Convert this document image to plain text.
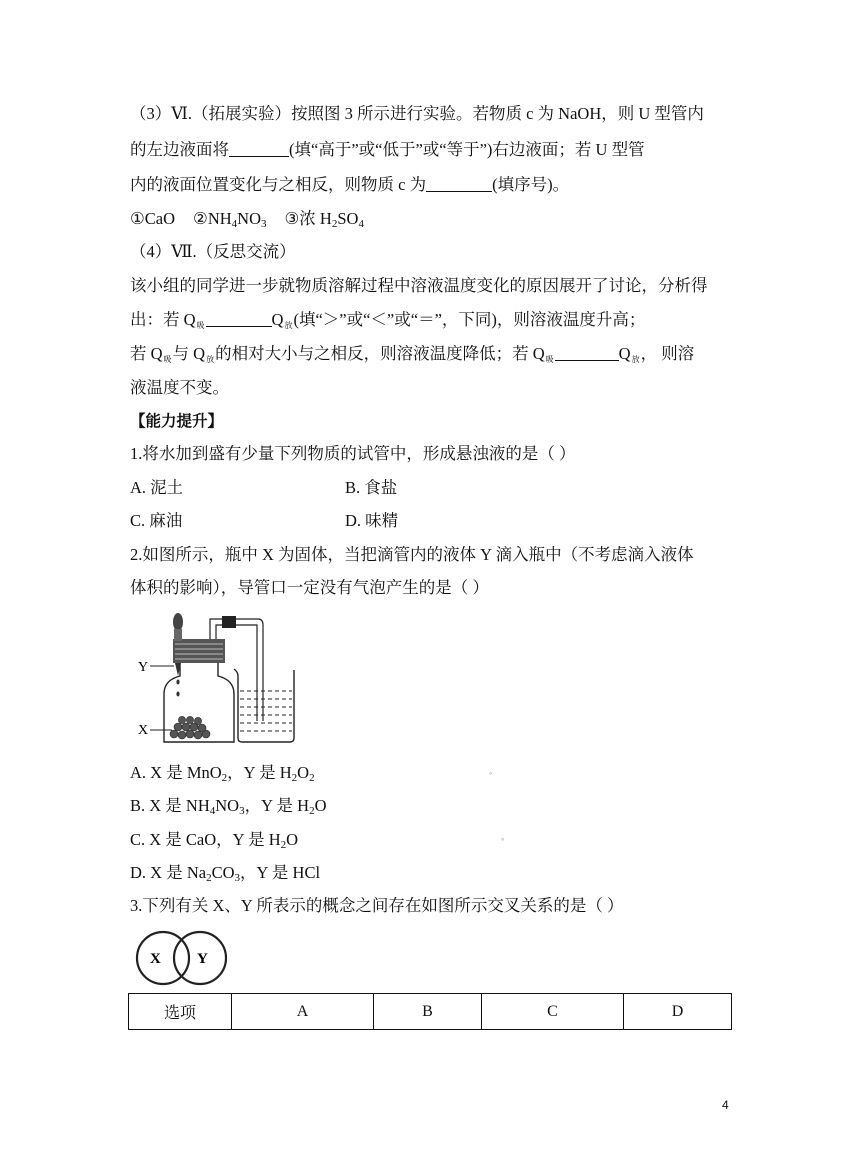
（3）Ⅵ.（拓展实验）按照图 3 所示进行实验。若物质 c 为 NaOH，则 U 型管内
的左边液面将	(填“高于”或“低于”或“等于”)右边液面；若 U 型管
内的液面位置变化与之相反，则物质 c 为	(填序号)。
①CaO $②NH_4NO_3$ ③浓 $H_2SO_4$
（4）Ⅶ.（反思交流）
该小组的同学进一步就物质溶解过程中溶液温度变化的原因展开了讨论，分析得
出：若 Q吸	Q放(填“＞”或“＜”或“＝”，下同)，则溶液温度升高；
若 Q吸与 Q放的相对大小与之相反，则溶液温度降低；若 Q吸	Q放， 则溶
液温度不变。
【能力提升】
1.将水加到盛有少量下列物质的试管中，形成悬浊液的是（ ）
A. 泥土	B. 食盐
C. 麻油	D. 味精
2.如图所示，瓶中 X 为固体，当把滴管内的液体 Y 滴入瓶中（不考虑滴入液体
体积的影响），导管口一定没有气泡产生的是（ ）
Y
X
A. X 是 MnO$_2$，Y 是 $H_2O_2$	◦
B. X 是 $NH_4NO_3$，Y 是 $H_2O$
C. X 是 CaO，Y 是 $H_2O$	◦
D. X 是 $Na_2CO_3$，Y 是 HCl
3.下列有关 X、Y 所表示的概念之间存在如图所示交叉关系的是（ ）
X Y
选项	A	B	C	D
4
